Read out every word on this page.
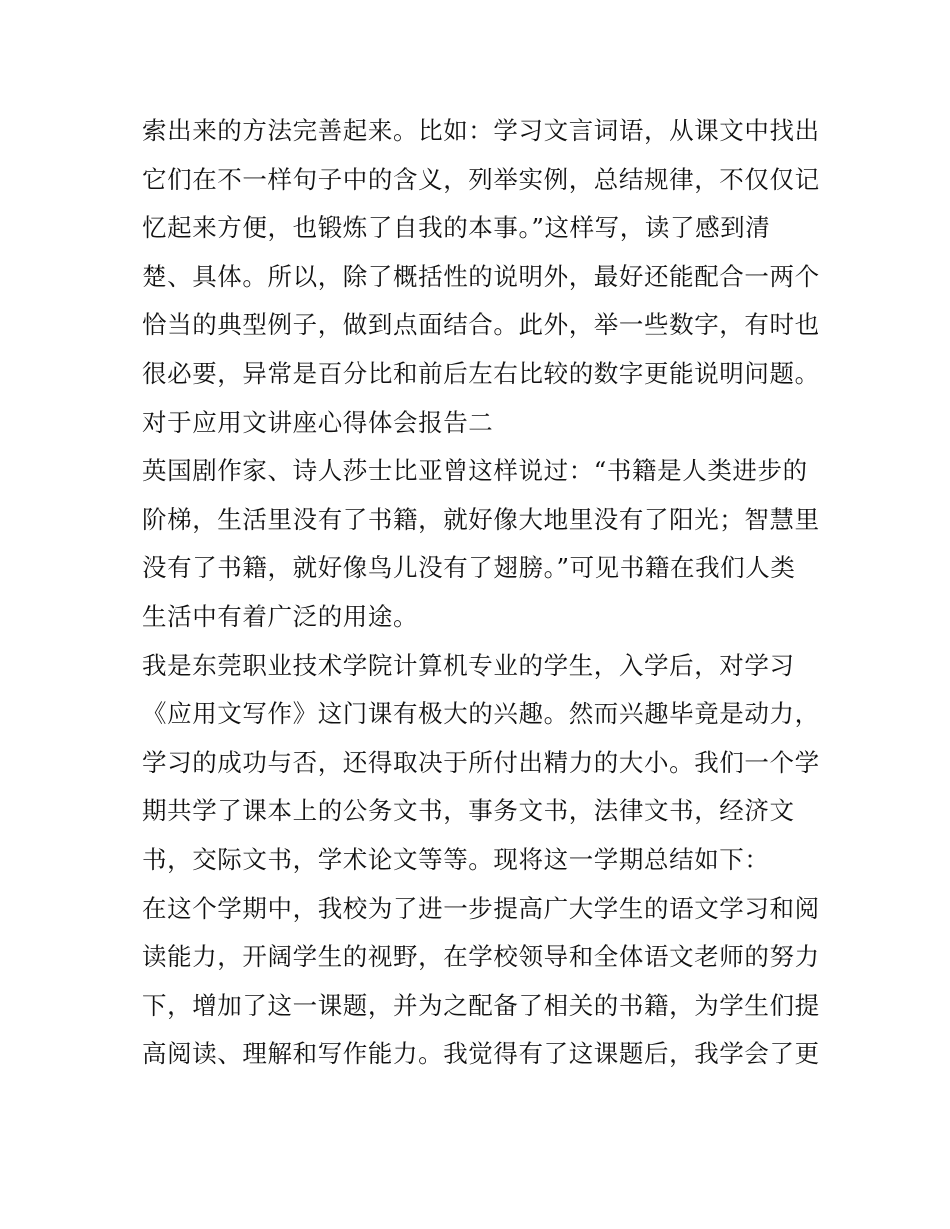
索出来的方法完善起来。比如：学习文言词语，从课文中找出
它们在不一样句子中的含义，列举实例，总结规律，不仅仅记
忆起来方便，也锻炼了自我的本事。”这样写，读了感到清
楚、具体。所以，除了概括性的说明外，最好还能配合一两个
恰当的典型例子，做到点面结合。此外，举一些数字，有时也
很必要，异常是百分比和前后左右比较的数字更能说明问题。
对于应用文讲座心得体会报告二
英国剧作家、诗人莎士比亚曾这样说过：“书籍是人类进步的
阶梯，生活里没有了书籍，就好像大地里没有了阳光；智慧里
没有了书籍，就好像鸟儿没有了翅膀。”可见书籍在我们人类
生活中有着广泛的用途。
我是东莞职业技术学院计算机专业的学生，入学后，对学习
《应用文写作》这门课有极大的兴趣。然而兴趣毕竟是动力，
学习的成功与否，还得取决于所付出精力的大小。我们一个学
期共学了课本上的公务文书，事务文书，法律文书，经济文
书，交际文书，学术论文等等。现将这一学期总结如下：
在这个学期中，我校为了进一步提高广大学生的语文学习和阅
读能力，开阔学生的视野，在学校领导和全体语文老师的努力
下，增加了这一课题，并为之配备了相关的书籍，为学生们提
高阅读、理解和写作能力。我觉得有了这课题后，我学会了更
